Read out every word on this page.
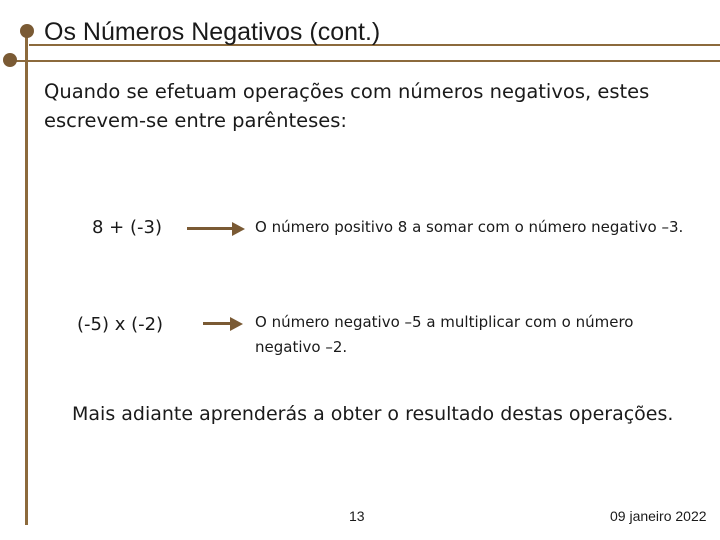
Os Números Negativos (cont.)
Quando se efetuam operações com números negativos, estes escrevem-se entre parênteses:
8 + (-3)	O número positivo 8 a somar com o número negativo –3.
(-5) x (-2)	O número negativo –5 a multiplicar com o número negativo –2.
Mais adiante aprenderás a obter o resultado destas operações.
13	09 janeiro 2022
